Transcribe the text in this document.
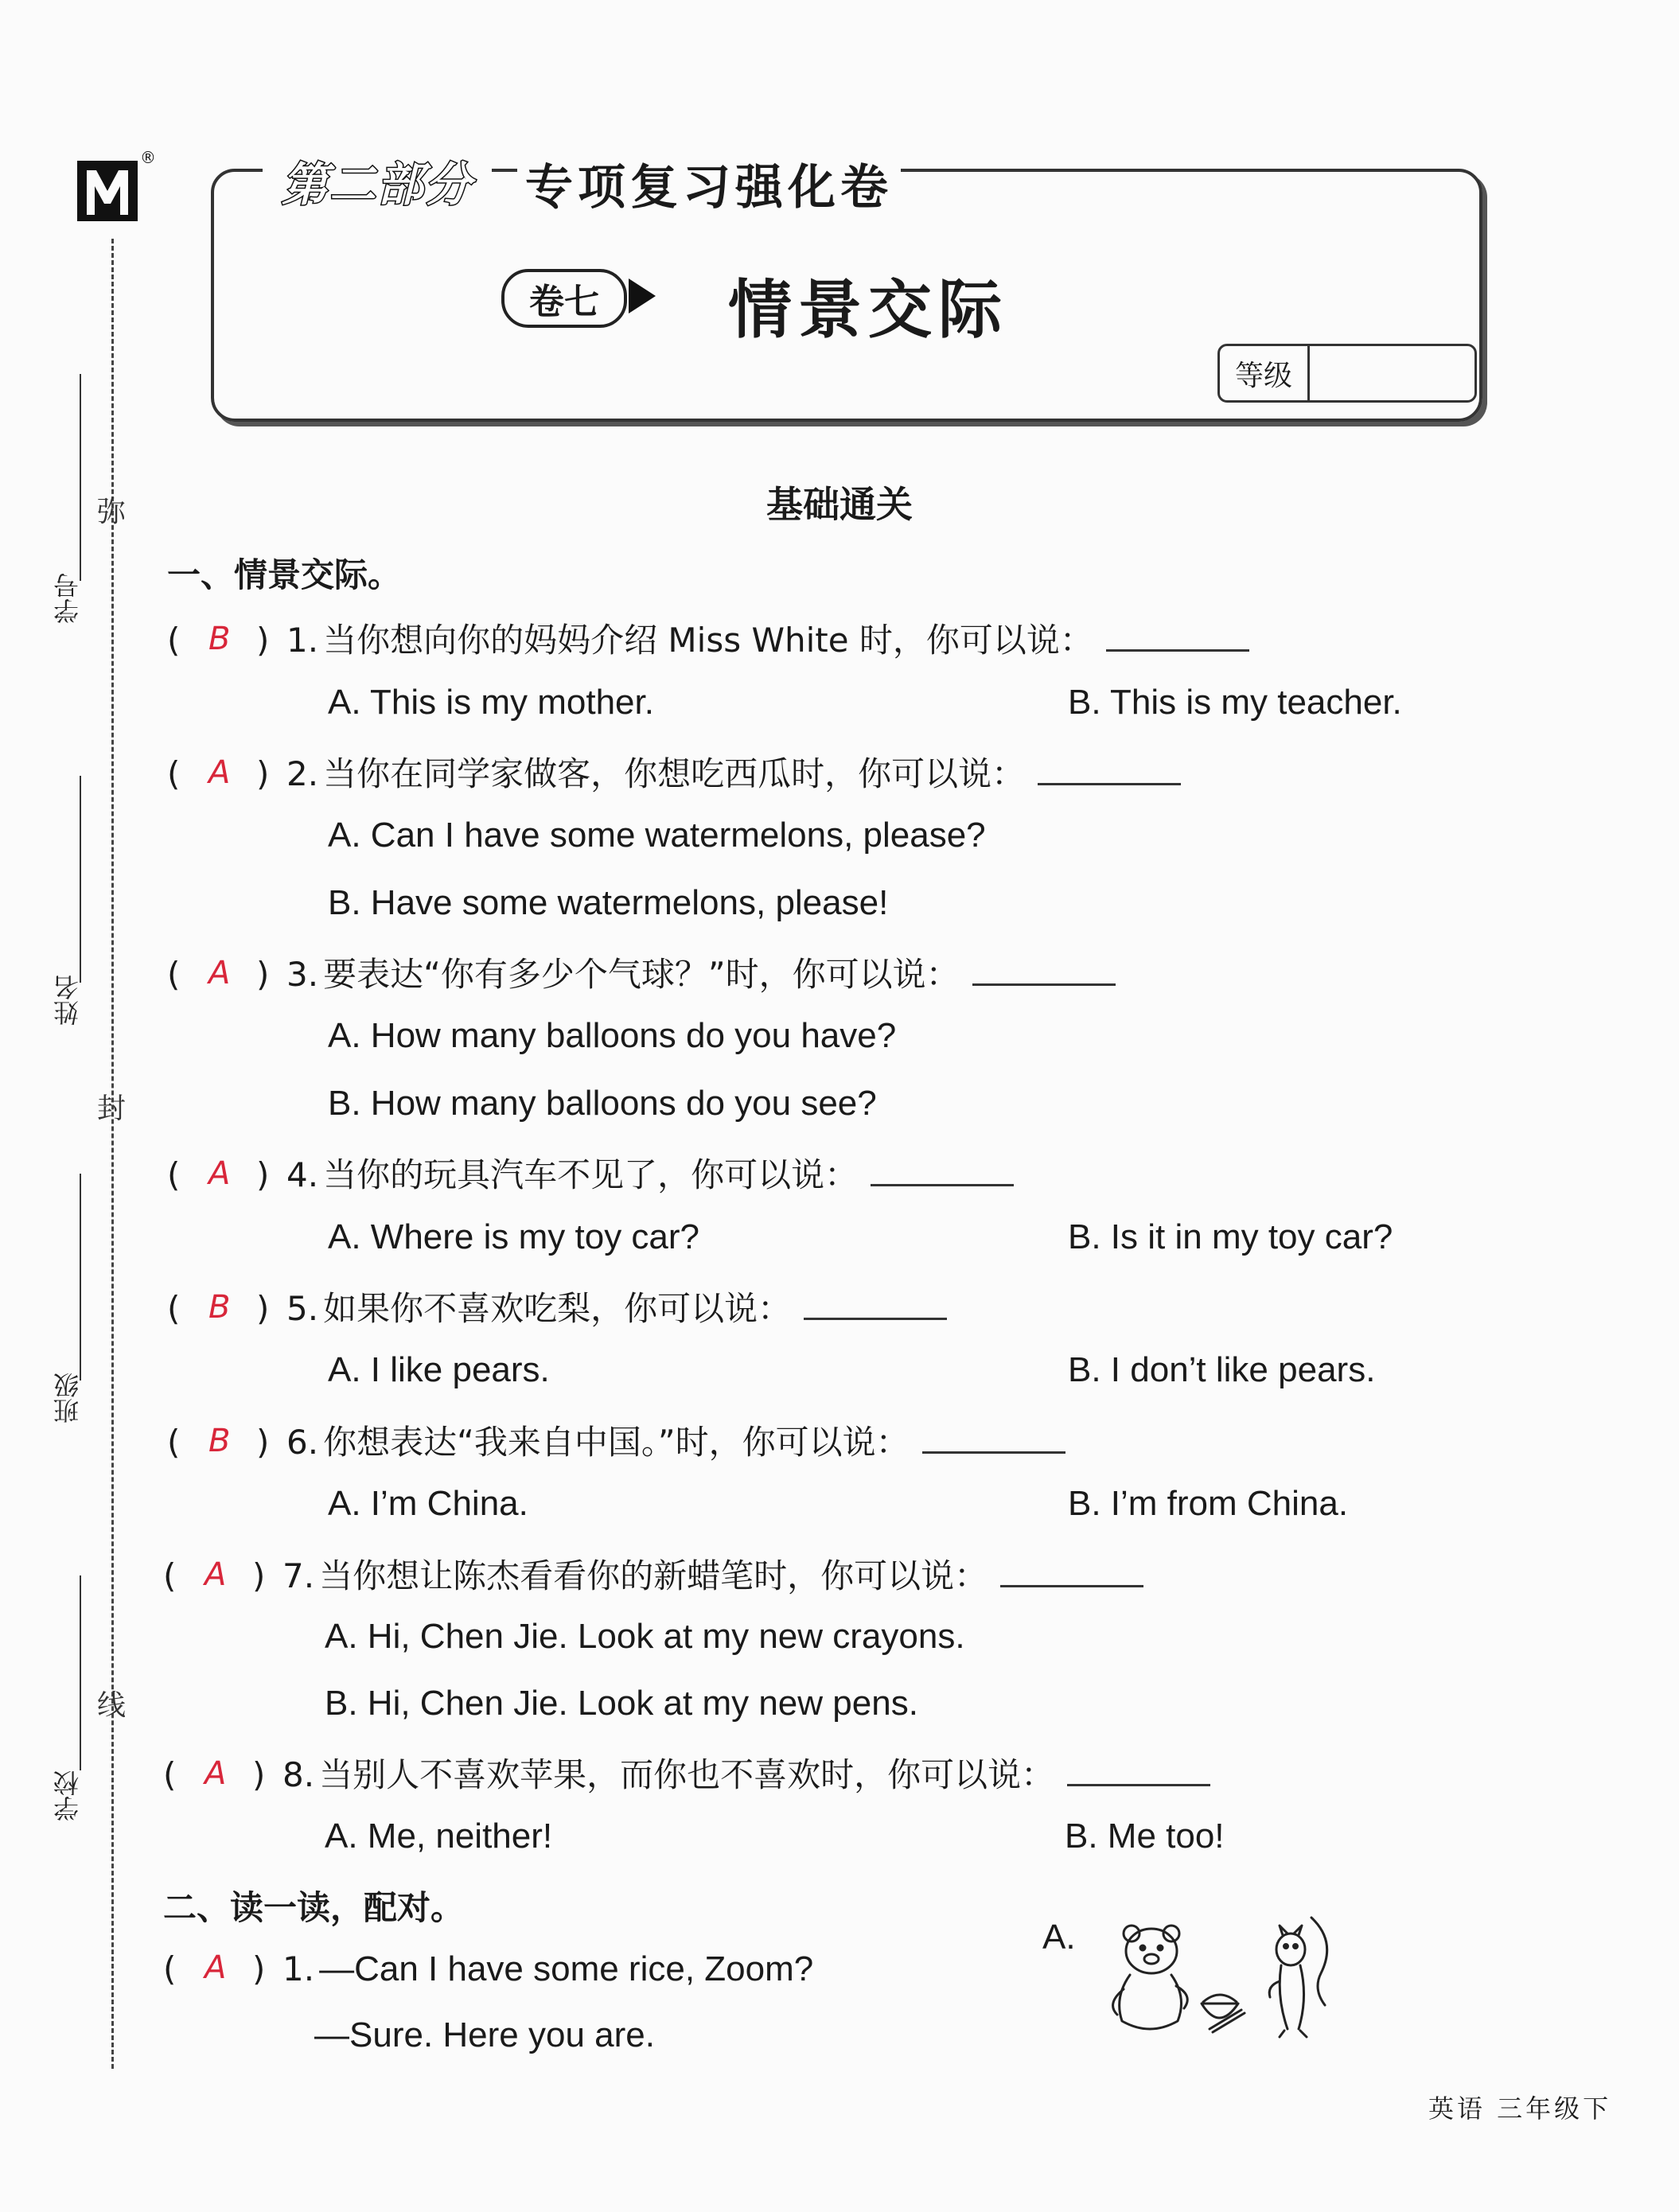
®
学号
姓名
班级
学校
弥
封
线
第二部分	专项复习强化卷
卷七 情景交际
等级
基础通关
一、情景交际。
( B ) 1. 当你想向你的妈妈介绍 Miss White 时，你可以说：
A. This is my mother.	B. This is my teacher.
( A ) 2. 当你在同学家做客，你想吃西瓜时，你可以说：
A. Can I have some watermelons, please?
B. Have some watermelons, please!
( A ) 3. 要表达“你有多少个气球？”时，你可以说：
A. How many balloons do you have?
B. How many balloons do you see?
( A ) 4. 当你的玩具汽车不见了，你可以说：
A. Where is my toy car?	B. Is it in my toy car?
( B ) 5. 如果你不喜欢吃梨，你可以说：
A. I like pears.	B. I don’t like pears.
( B ) 6. 你想表达“我来自中国。”时，你可以说：
A. I’m China.	B. I’m from China.
( A ) 7. 当你想让陈杰看看你的新蜡笔时，你可以说：
A. Hi, Chen Jie. Look at my new crayons.
B. Hi, Chen Jie. Look at my new pens.
( A ) 8. 当别人不喜欢苹果，而你也不喜欢时，你可以说：
A. Me, neither!	B. Me too!
二、读一读，配对。
( A ) 1. —Can I have some rice, Zoom?
—Sure. Here you are.
A.
英语 三年级下
